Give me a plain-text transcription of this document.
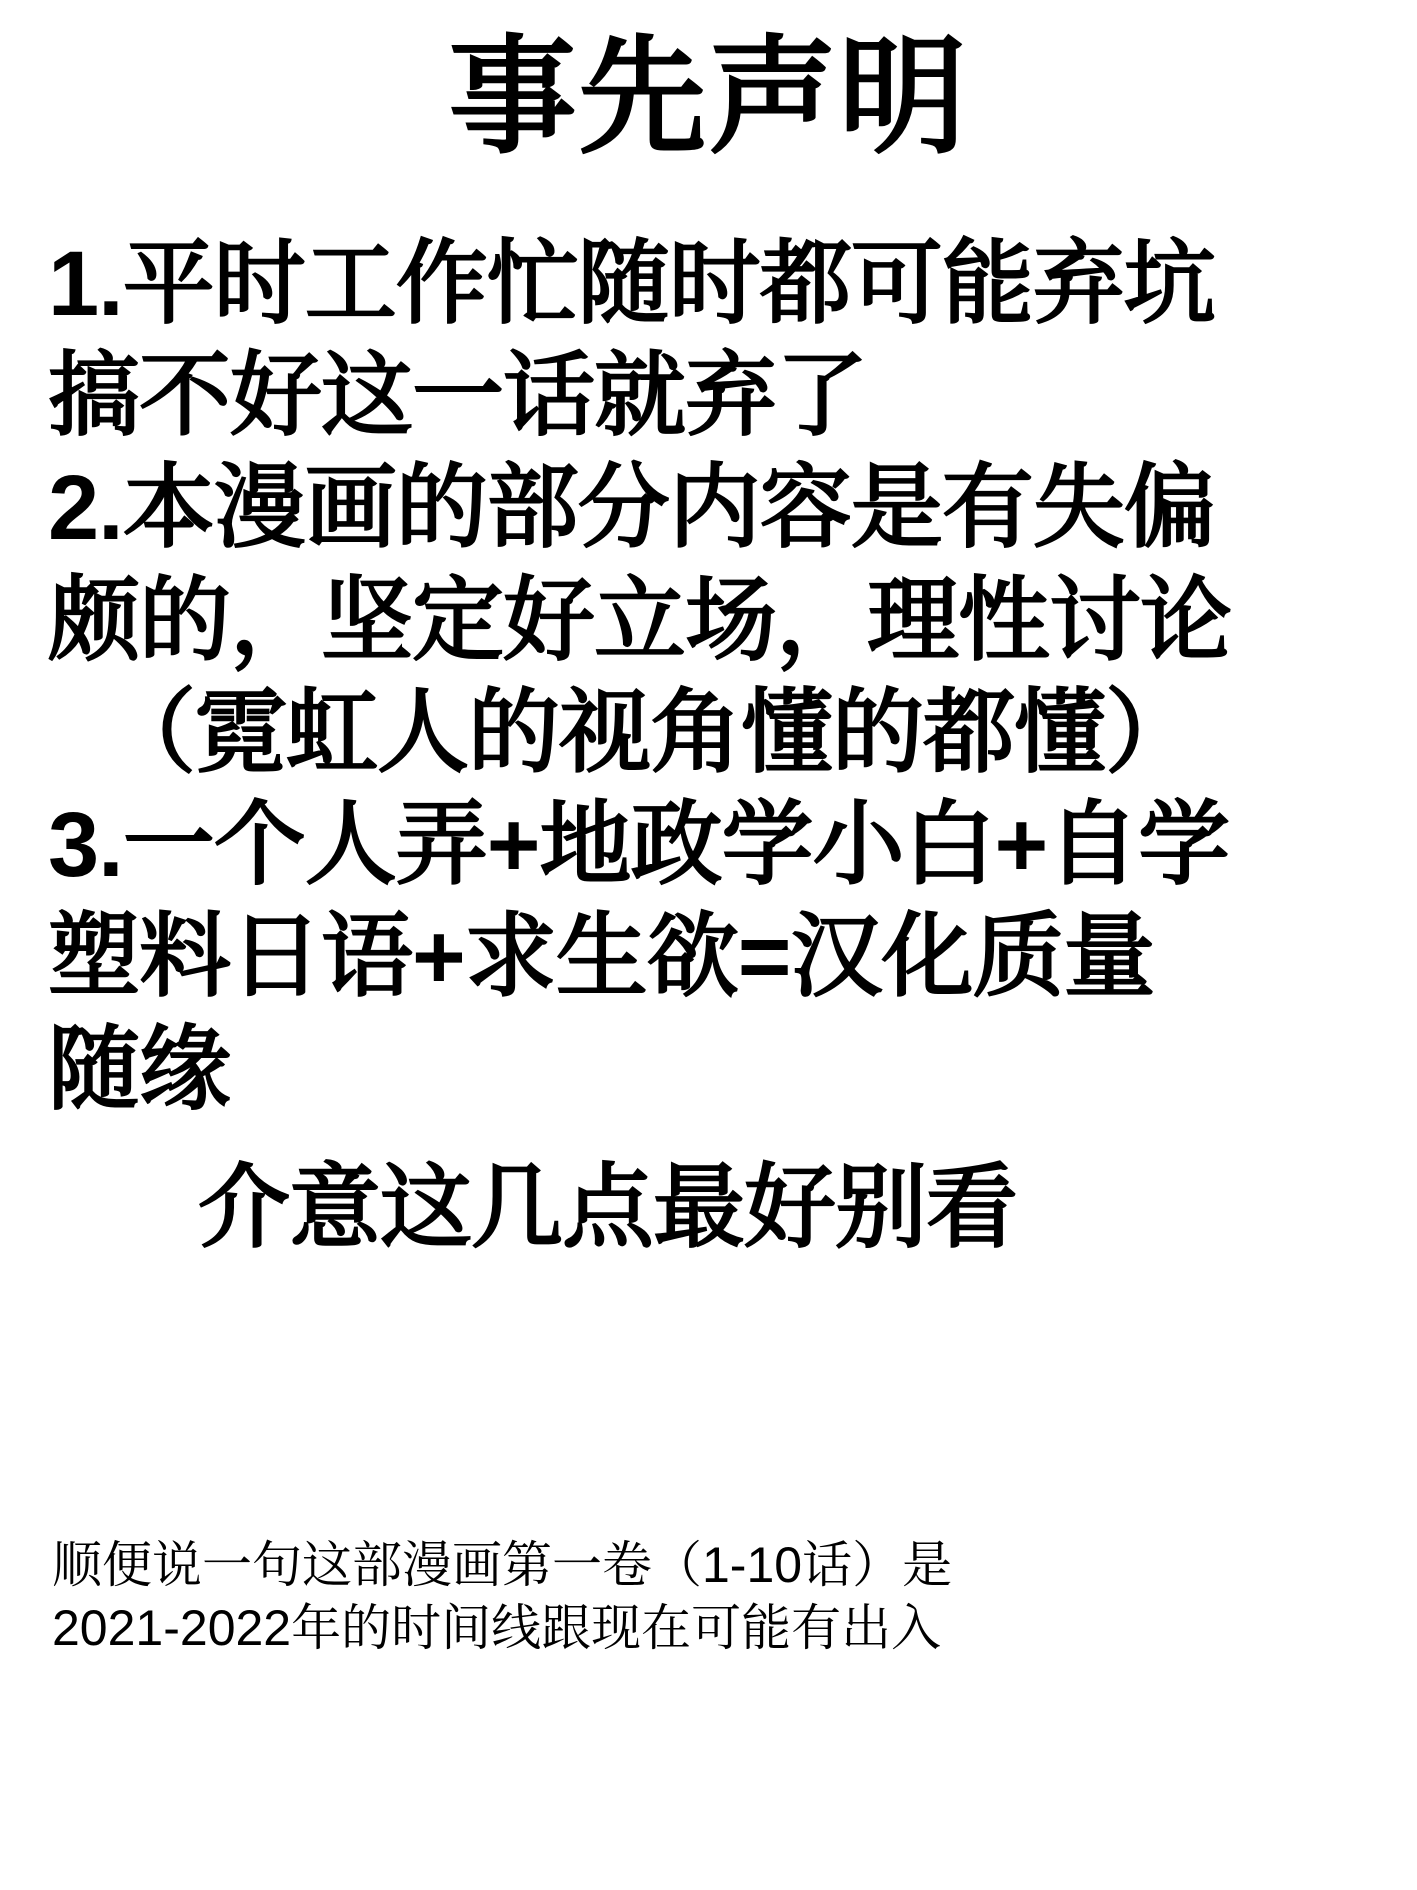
事先声明

1.平时工作忙随时都可能弃坑

搞不好这一话就弃了

2.本漫画的部分内容是有失偏

颇的，坚定好立场，理性讨论

（霓虹人的视角懂的都懂）

3.一个人弄+地政学小白+自学

塑料日语+求生欲=汉化质量

随缘

介意这几点最好别看

顺便说一句这部漫画第一卷（1-10话）是

2021-2022年的时间线跟现在可能有出入
